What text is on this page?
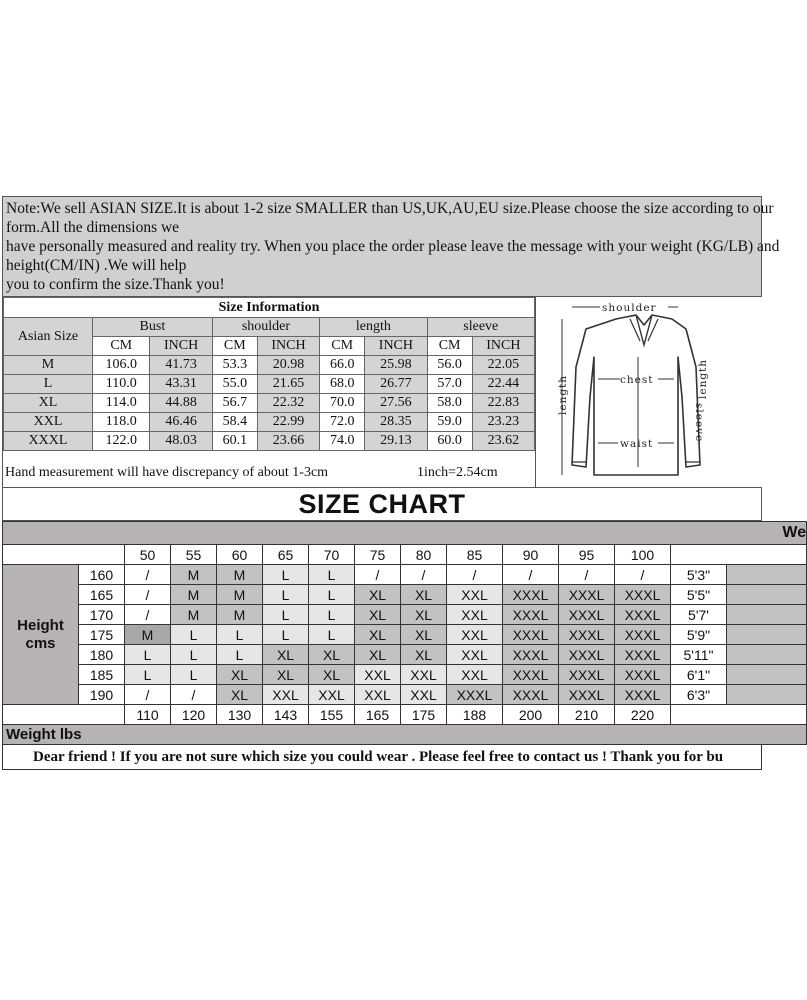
Note:We sell ASIAN SIZE.It is about 1-2 size SMALLER than US,UK,AU,EU size.Please choose the size according to our
form.All the dimensions we
have personally measured and reality try. When you place the order please leave the message with your weight (KG/LB) and
height(CM/IN) .We will help
you to confirm the size.Thank you!
Size Information								
Asian Size	Bust		shoulder		length		sleeve	
	CM	INCH	CM	INCH	CM	INCH	CM	INCH
M	106.0	41.73	53.3	20.98	66.0	25.98	56.0	22.05
L	110.0	43.31	55.0	21.65	68.0	26.77	57.0	22.44
XL	114.0	44.88	56.7	22.32	70.0	27.56	58.0	22.83
XXL	118.0	46.46	58.4	22.99	72.0	28.35	59.0	23.23
XXXL	122.0	48.03	60.1	23.66	74.0	29.13	60.0	23.62
Hand measurement will have discrepancy of about 1-3cm	1inch=2.54cm
shoulder
chest
waist
length
sleeve
length
SIZE CHART
We														
		50	55	60	65	70	75	80	85	90	95	100		

Height
cms	160	/	M	M	L	L	/	/	/	/	/	/	5'3"	
	165	/	M	M	L	L	XL	XL	XXL	XXXL	XXXL	XXXL	5'5"	
	170	/	M	M	L	L	XL	XL	XXL	XXXL	XXXL	XXXL	5'7'	
	175	M	L	L	L	L	XL	XL	XXL	XXXL	XXXL	XXXL	5'9"	
	180	L	L	L	XL	XL	XL	XL	XXL	XXXL	XXXL	XXXL	5'11"	
	185	L	L	XL	XL	XL	XXL	XXL	XXL	XXXL	XXXL	XXXL	6'1"	
	190	/	/	XL	XXL	XXL	XXL	XXL	XXXL	XXXL	XXXL	XXXL	6'3"	
		110	120	130	143	155	165	175	188	200	210	220		
Weight lbs														
Dear friend ! If you are not sure which size you could wear . Please feel free to contact us ! Thank you for bu
